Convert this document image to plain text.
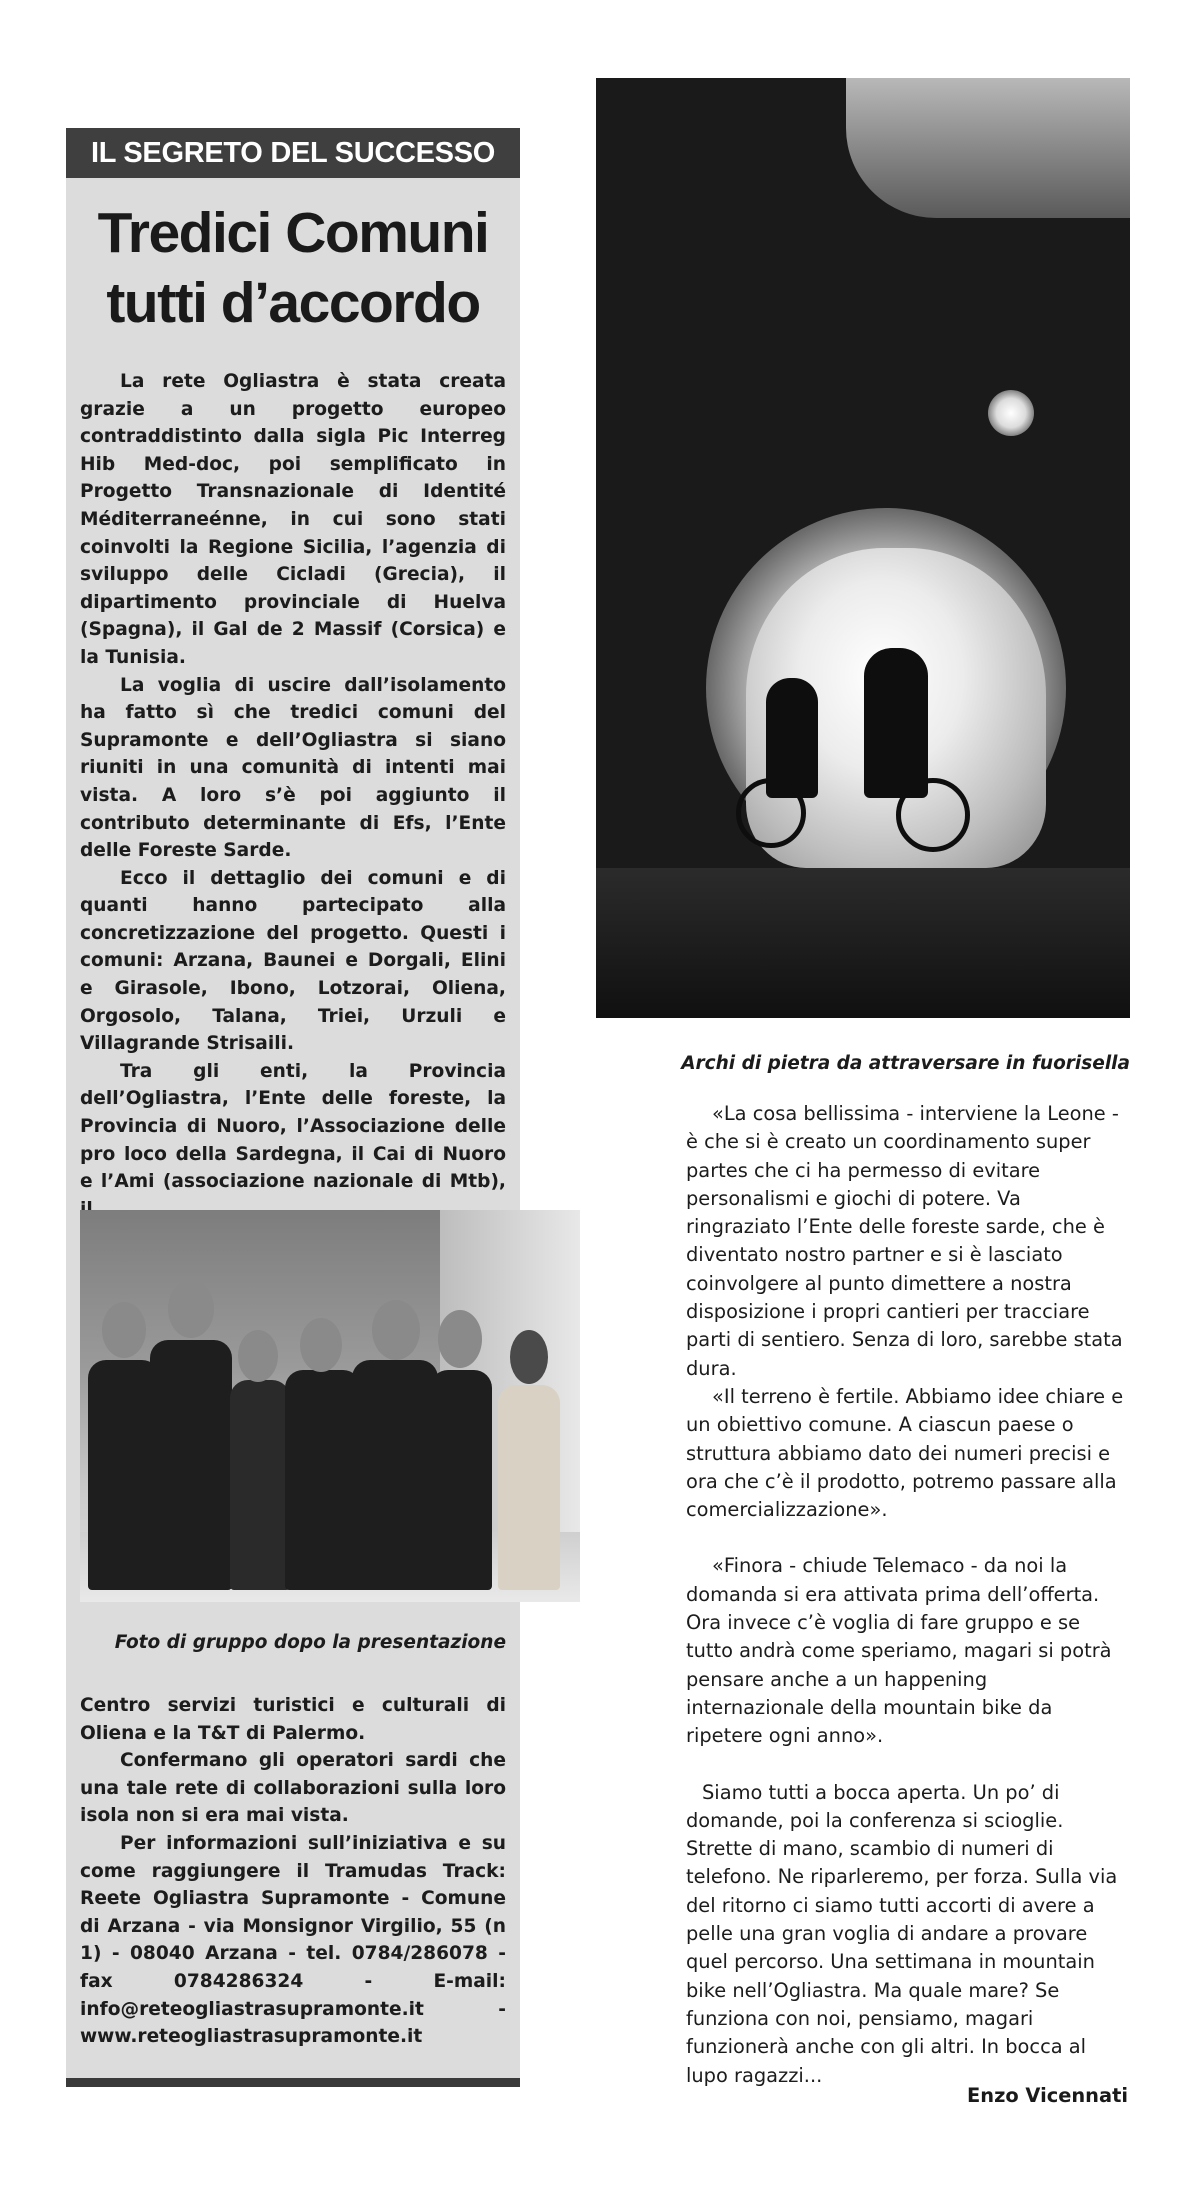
IL SEGRETO DEL SUCCESSO
Tredici Comuni
tutti d’accordo

La rete Ogliastra è stata creata grazie a un progetto europeo contraddistinto dalla sigla Pic Interreg Hib Med-doc, poi semplificato in Progetto Transnazionale di Identité Méditerraneénne, in cui sono stati coinvolti la Regione Sicilia, l’agenzia di sviluppo delle Cicladi (Grecia), il dipartimento provinciale di Huelva (Spagna), il Gal de 2 Massif (Corsica) e la Tunisia.

La voglia di uscire dall’isolamento ha fatto sì che tredici comuni del Supramonte e dell’Ogliastra si siano riuniti in una comunità di intenti mai vista. A loro s’è poi aggiunto il contributo determinante di Efs, l’Ente delle Foreste Sarde.

Ecco il dettaglio dei comuni e di quanti hanno partecipato alla concretizzazione del progetto. Questi i comuni: Arzana, Baunei e Dorgali, Elini e Girasole, Ibono, Lotzorai, Oliena, Orgosolo, Talana, Triei, Urzuli e Villagrande Strisaili.

Tra gli enti, la Provincia dell’Ogliastra, l’Ente delle foreste, la Provincia di Nuoro, l’Associazione delle pro loco della Sardegna, il Cai di Nuoro e l’Ami (associazione nazionale di Mtb),

Foto di gruppo dopo la presentazione

Centro servizi turistici e culturali di Oliena e la T&T di Palermo.

Confermano gli operatori sardi che una tale rete di collaborazioni sulla loro isola non si era mai vista.

Per informazioni sull’iniziativa e su come raggiungere il Tramudas Track: Reete Ogliastra Supramonte - Comune di Arzana - via Monsignor Virgilio, 55 (n 1) - 08040 Arzana - tel. 0784/286078 - fax 0784286324 - E-mail: info@reteogliastrasupramonte.it - www.reteogliastrasupramonte.it

Archi di pietra da attraversare in fuorisella

«La cosa bellissima - interviene la Leone - è che si è creato un coordinamento super partes che ci ha permesso di evitare personalismi e giochi di potere. Va ringraziato l’Ente delle foreste sarde, che è diventato nostro partner e si è lasciato coinvolgere al punto dimettere a nostra disposizione i propri cantieri per tracciare parti di sentiero. Senza di loro, sarebbe stata dura.

«Il terreno è fertile. Abbiamo idee chiare e un obiettivo comune. A ciascun paese o struttura abbiamo dato dei numeri precisi e ora che c’è il prodotto, potremo passare alla comercializzazione».

«Finora - chiude Telemaco - da noi la domanda si era attivata prima dell’offerta. Ora invece c’è voglia di fare gruppo e se tutto andrà come speriamo, magari si potrà pensare anche a un happening internazionale della mountain bike da ripetere ogni anno».

Siamo tutti a bocca aperta. Un po’ di domande, poi la conferenza si scioglie. Strette di mano, scambio di numeri di telefono. Ne riparleremo, per forza. Sulla via del ritorno ci siamo tutti accorti di avere a pelle una gran voglia di andare a provare quel percorso. Una settimana in mountain bike nell’Ogliastra. Ma quale mare? Se funziona con noi, pensiamo, magari funzionerà anche con gli altri. In bocca al lupo ragazzi...

Enzo Vicennati
